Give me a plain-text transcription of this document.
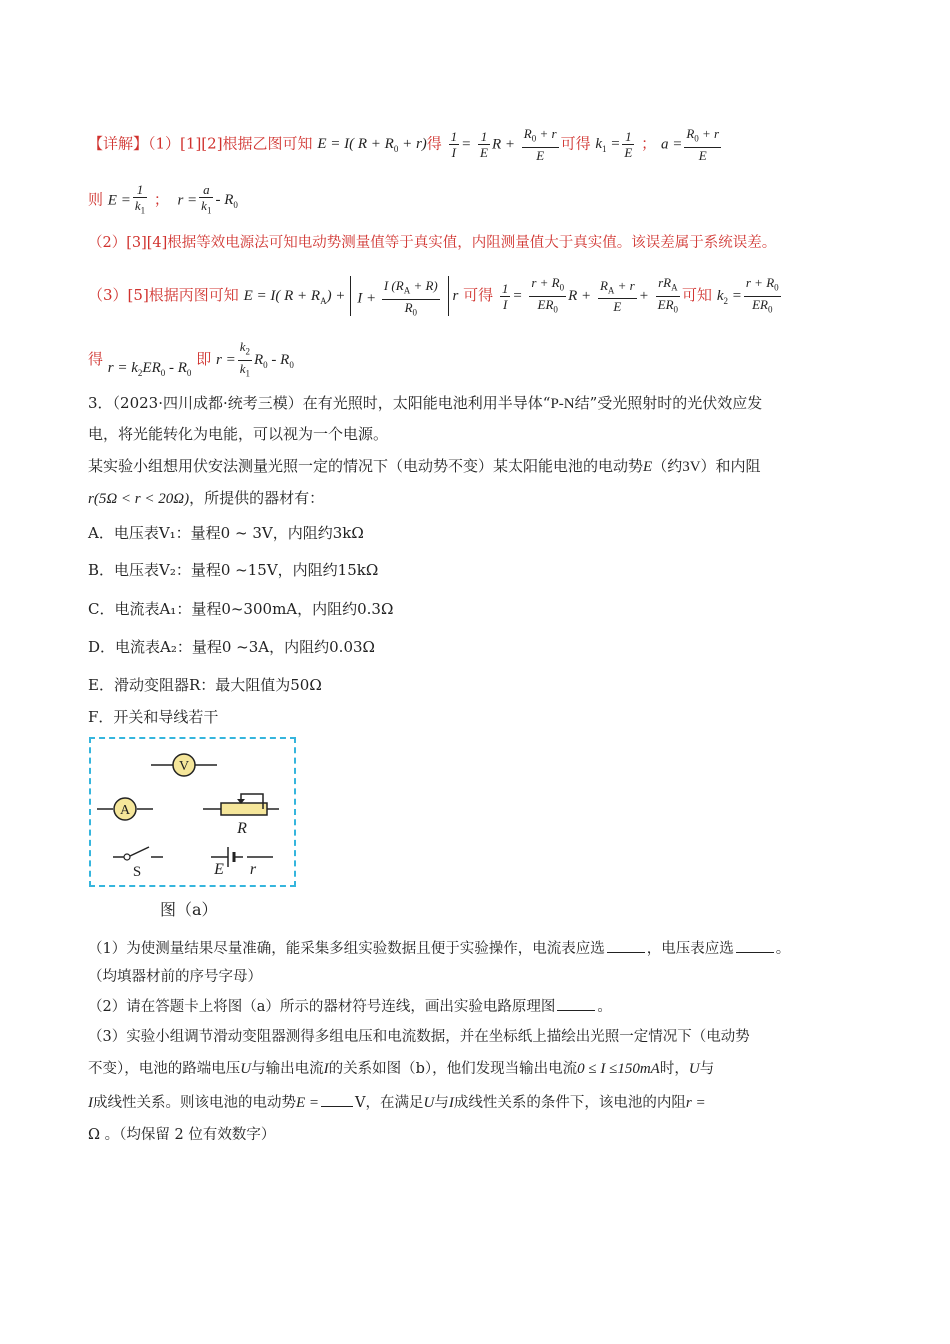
【详解】（1）[1][2]根据乙图可知 E = I( $R + R_0 + r$)得 $\frac{1}{I} = \frac{1}{E}$ $R + \frac{R_0 + r}{E}$ 可得 $k_1 = \frac{1}{E}$ ； $a = \frac{R_0 + r}{E}$
则 $E = \frac{1}{k_1}$ ；  $r = \frac{a}{k_1} - R_0$
（2）[3][4]根据等效电源法可知电动势测量值等于真实值，内阻测量值大于真实值。该误差属于系统误差。
（3）[5]根据丙图可知 E = I( $R + R_A) + I + \frac{I (R_A + R)}{R_0}$ r 可得 $\frac{1}{I} = \frac{r + R_0}{ER_0}$ $R + \frac{R_A + r}{E} + \frac{rR_A}{ER_0}$ 可知 $k_2 = \frac{r + R_0}{ER_0}$
得 $r = k_2ER_0 - R_0$ 即 $r = \frac{k_2}{k_1} R_0 - R_0$
3．（2023·四川成都·统考三模）在有光照时，太阳能电池利用半导体“P-N结”受光照射时的光伏效应发
电，将光能转化为电能，可以视为一个电源。
某实验小组想用伏安法测量光照一定的情况下（电动势不变）某太阳能电池的电动势E（约3V）和内阻
r(5Ω < r < 20Ω)，所提供的器材有：
A．电压表V₁：量程0 ~ 3V，内阻约3kΩ
B．电压表V₂：量程0 ~15V，内阻约15kΩ
C．电流表A₁：量程0~300mA，内阻约0.3Ω
D．电流表A₂：量程0 ~3A，内阻约0.03Ω
E．滑动变阻器R：最大阻值为50Ω
F．开关和导线若干
V
A
R
S	E r
图（a）
（1）为使测量结果尽量准确，能采集多组实验数据且便于实验操作，电流表应选	，电压表应选	。
（均填器材前的序号字母）
（2）请在答题卡上将图（a）所示的器材符号连线，画出实验电路原理图	。
（3）实验小组调节滑动变阻器测得多组电压和电流数据，并在坐标纸上描绘出光照一定情况下（电动势
不变），电池的路端电压U与输出电流I的关系如图（b），他们发现当输出电流0 ≤ I ≤150mA时，U与
I成线性关系。则该电池的电动势E = V，在满足U与I成线性关系的条件下，该电池的内阻r =
Ω 。（均保留 2 位有效数字）
